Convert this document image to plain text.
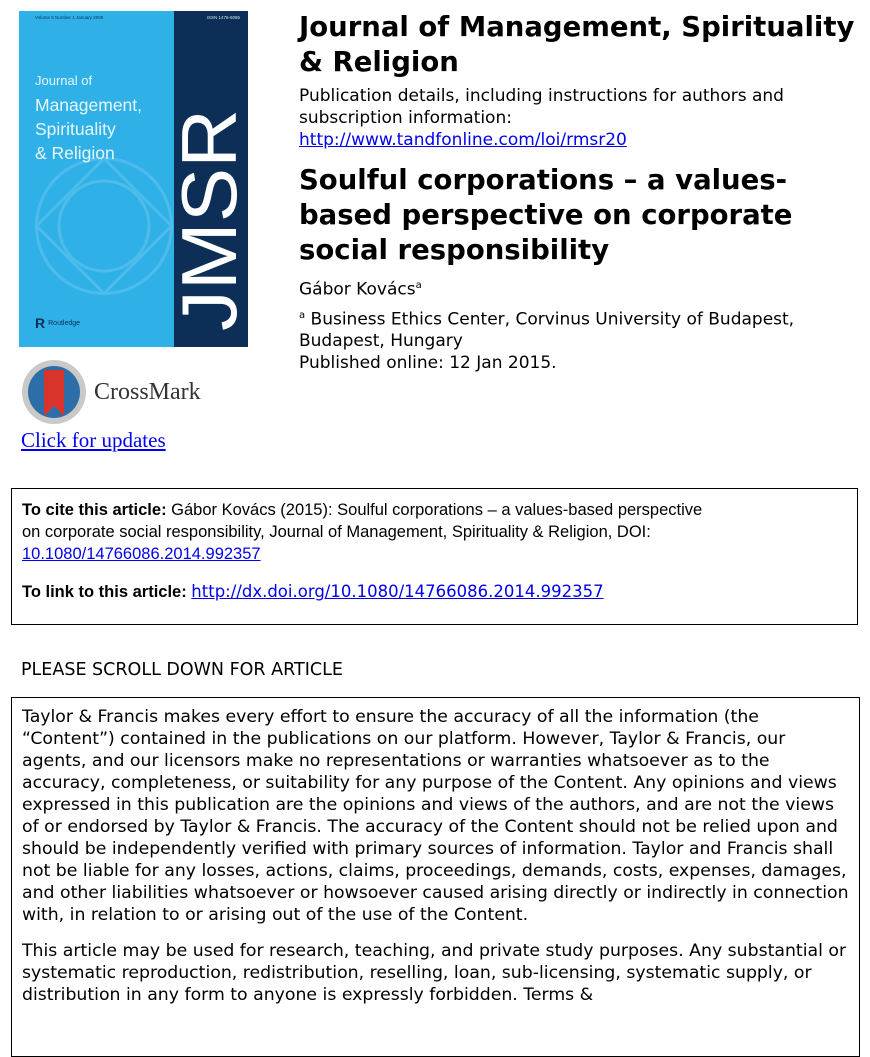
Volume 5 Number 1 January 2009	ISSN 1476-6086
Journal of
Management,
Spirituality
& Religion JMSR
R Routledge
CrossMark
Click for updates
Journal of Management, Spirituality & Religion
Publication details, including instructions for authors and
subscription information:
http://www.tandfonline.com/loi/rmsr20
Soulful corporations – a values-based perspective on corporate social responsibility
Gábor Kovács$^a$
$^a$ Business Ethics Center, Corvinus University of Budapest,
Budapest, Hungary
Published online: 12 Jan 2015.
To cite this article: Gábor Kovács (2015): Soulful corporations – a values-based perspective
on corporate social responsibility, Journal of Management, Spirituality & Religion, DOI:
10.1080/14766086.2014.992357
To link to this article: http://dx.doi.org/10.1080/14766086.2014.992357
PLEASE SCROLL DOWN FOR ARTICLE

Taylor & Francis makes every effort to ensure the accuracy of all the information (the “Content”) contained in the publications on our platform. However, Taylor & Francis, our agents, and our licensors make no representations or warranties whatsoever as to the accuracy, completeness, or suitability for any purpose of the Content. Any opinions and views expressed in this publication are the opinions and views of the authors, and are not the views of or endorsed by Taylor & Francis. The accuracy of the Content should not be relied upon and should be independently verified with primary sources of information. Taylor and Francis shall not be liable for any losses, actions, claims, proceedings, demands, costs, expenses, damages, and other liabilities whatsoever or howsoever caused arising directly or indirectly in connection with, in relation to or arising out of the use of the Content.

This article may be used for research, teaching, and private study purposes. Any substantial or systematic reproduction, redistribution, reselling, loan, sub-licensing, systematic supply, or distribution in any form to anyone is expressly forbidden. Terms &
